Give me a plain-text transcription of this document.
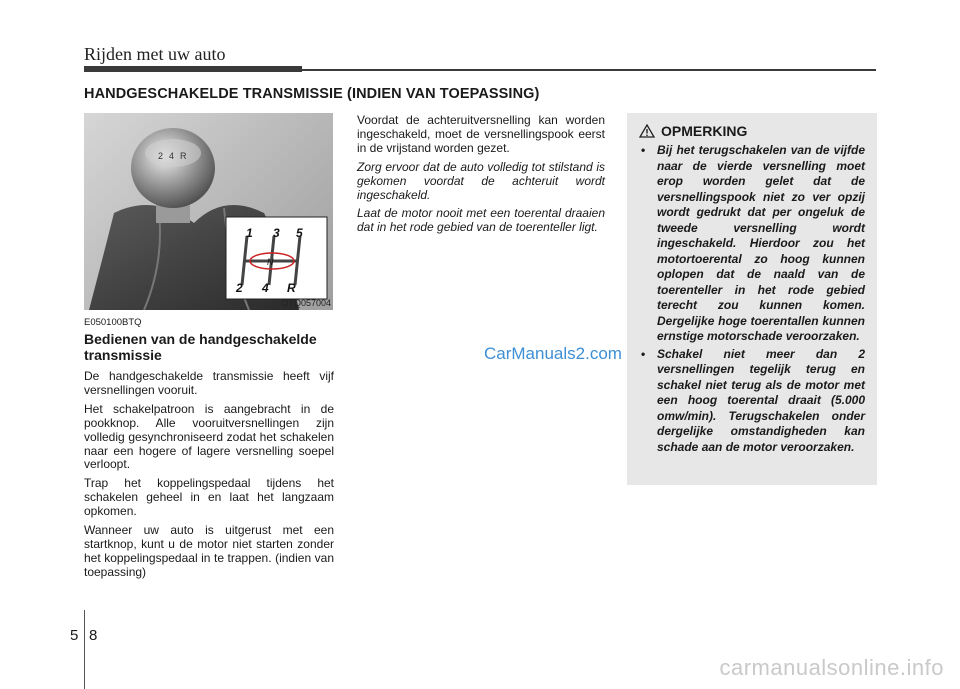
Rijden met uw auto
HANDGESCHAKELDE TRANSMISSIE (INDIEN VAN TOEPASSING)
2 4 R
N
1 3 5
2 4 R
OTQ057004
E050100BTQ
Bedienen van de handgeschakelde transmissie

De handgeschakelde transmissie heeft vijf versnellingen vooruit.

Het schakelpatroon is aangebracht in de pookknop. Alle vooruitversnellingen zijn volledig gesynchroniseerd zodat het schakelen naar een hogere of lagere versnelling soepel verloopt.

Trap het koppelingspedaal tijdens het schakelen geheel in en laat het langzaam opkomen.

Wanneer uw auto is uitgerust met een startknop, kunt u de motor niet starten zonder het koppelingspedaal in te trappen. (indien van toepassing)

Voordat de achteruitversnelling kan worden ingeschakeld, moet de versnellingspook eerst in de vrijstand worden gezet.

Zorg ervoor dat de auto volledig tot stilstand is gekomen voordat de achteruit wordt ingeschakeld.

Laat de motor nooit met een toerental draaien dat in het rode gebied van de toerenteller ligt.

OPMERKING
• Bij het terugschakelen van de vijfde naar de vierde versnelling moet erop worden gelet dat de versnellingspook niet zo ver opzij wordt gedrukt dat per ongeluk de tweede versnelling wordt ingeschakeld. Hierdoor zou het motortoerental zo hoog kunnen oplopen dat de naald van de toerenteller in het rode gebied terecht zou kunnen komen. Dergelijke hoge toerentallen kunnen ernstige motorschade veroorzaken.
• Schakel niet meer dan 2 versnellingen tegelijk terug en schakel niet terug als de motor met een hoog toerental draait (5.000 omw/min). Terugschakelen onder dergelijke omstandigheden kan schade aan de motor veroorzaken.
CarManuals2.com
5 8
carmanualsonline.info
